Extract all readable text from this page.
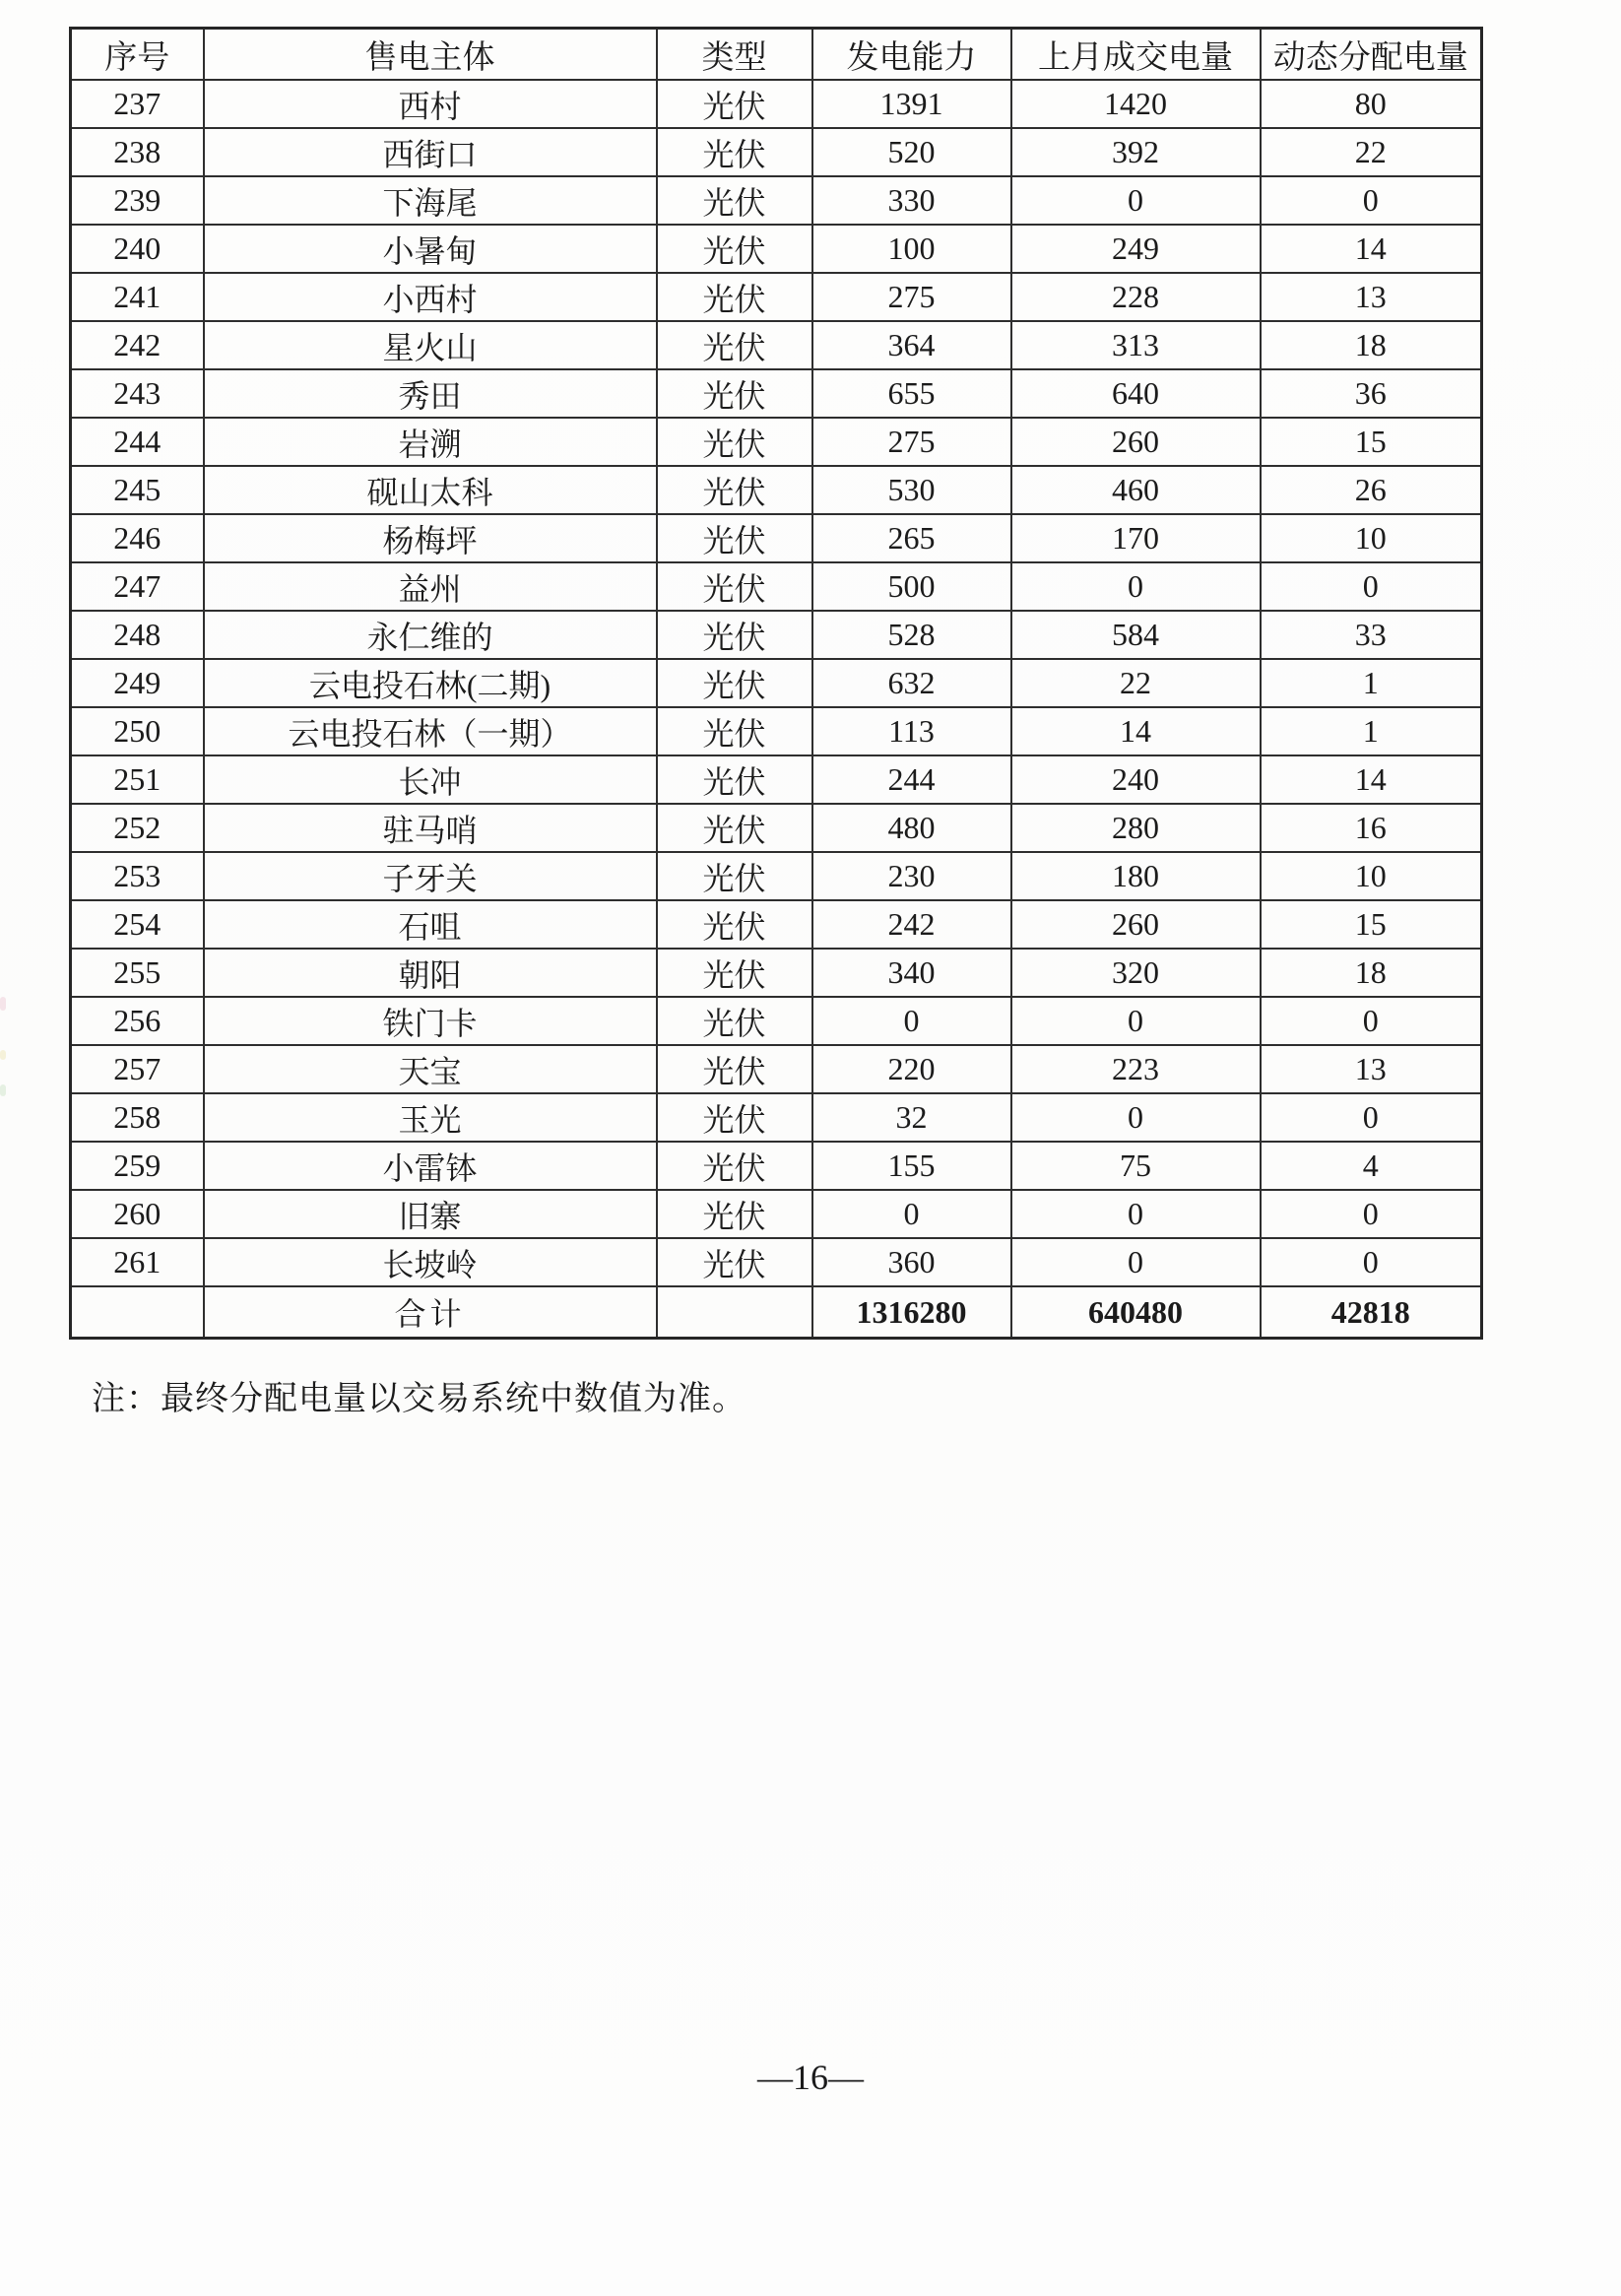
序号	售电主体	类型	发电能力	上月成交电量	动态分配电量
237	西村	光伏	1391	1420	80
238	西街口	光伏	520	392	22
239	下海尾	光伏	330	0	0
240	小暑甸	光伏	100	249	14
241	小西村	光伏	275	228	13
242	星火山	光伏	364	313	18
243	秀田	光伏	655	640	36
244	岩溯	光伏	275	260	15
245	砚山太科	光伏	530	460	26
246	杨梅坪	光伏	265	170	10
247	益州	光伏	500	0	0
248	永仁维的	光伏	528	584	33
249	云电投石林(二期)	光伏	632	22	1
250	云电投石林（一期）	光伏	113	14	1
251	长冲	光伏	244	240	14
252	驻马哨	光伏	480	280	16
253	子牙关	光伏	230	180	10
254	石咀	光伏	242	260	15
255	朝阳	光伏	340	320	18
256	铁门卡	光伏	0	0	0
257	天宝	光伏	220	223	13
258	玉光	光伏	32	0	0
259	小雷钵	光伏	155	75	4
260	旧寨	光伏	0	0	0
261	长坡岭	光伏	360	0	0
	合计		1316280	640480	42818
注：最终分配电量以交易系统中数值为准。
—16—
